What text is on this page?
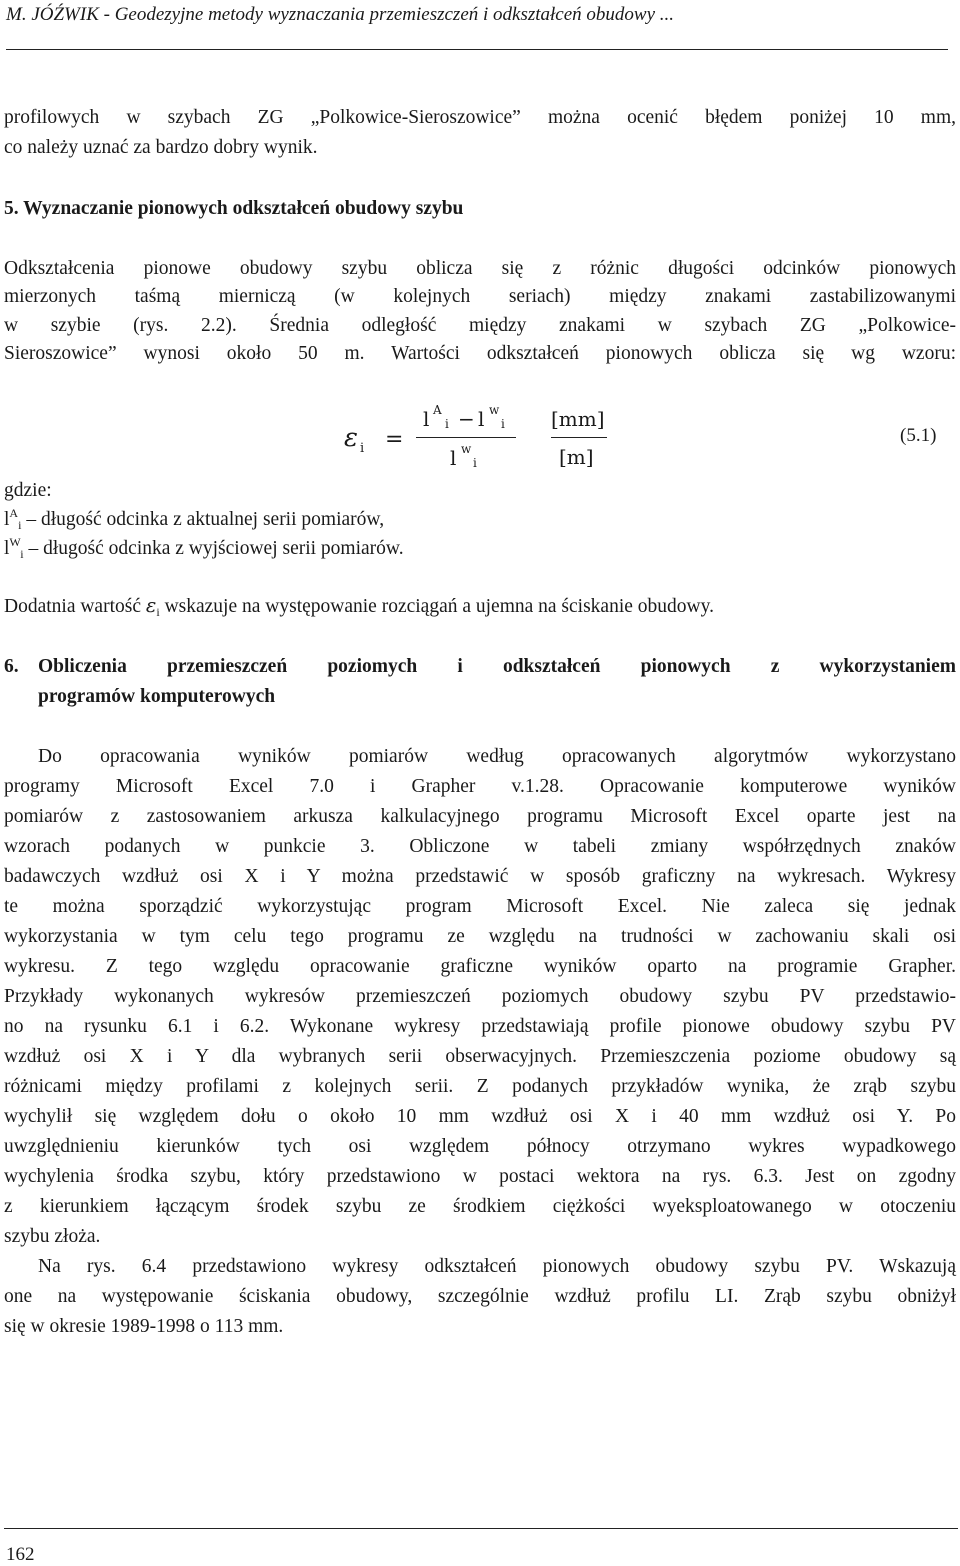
M. JÓŹWIK - Geodezyjne metody wyznaczania przemieszczeń i odkształceń obudowy ...
profilowych w szybach ZG „Polkowice-Sieroszowice” można ocenić błędem poniżej 10 mm,
co należy uznać za bardzo dobry wynik.
5. Wyznaczanie pionowych odkształceń obudowy szybu
Odkształcenia pionowe obudowy szybu oblicza się z różnic długości odcinków pionowych
mierzonych taśmą mierniczą (w kolejnych seriach) między znakami zastabilizowanymi
w szybie (rys. 2.2). Średnia odległość między znakami w szybach ZG „Polkowice-
Sieroszowice” wynosi około 50 m. Wartości odkształceń pionowych oblicza się wg wzoru:
ε i =
l A
i − l w
i
l w
i
[mm]
[m]
(5.1)
gdzie:
$l^A_i$ – długość odcinka z aktualnej serii pomiarów,
$l^W_i$ – długość odcinka z wyjściowej serii pomiarów.
Dodatnia wartość $\varepsilon_i$ wskazuje na występowanie rozciągań a ujemna na ściskanie obudowy.
6. Obliczenia przemieszczeń poziomych i odkształceń pionowych z wykorzystaniem
programów komputerowych
Do opracowania wyników pomiarów według opracowanych algorytmów wykorzystano
programy Microsoft Excel 7.0 i Grapher v.1.28. Opracowanie komputerowe wyników
pomiarów z zastosowaniem arkusza kalkulacyjnego programu Microsoft Excel oparte jest na
wzorach podanych w punkcie 3. Obliczone w tabeli zmiany współrzędnych znaków
badawczych wzdłuż osi X i Y można przedstawić w sposób graficzny na wykresach. Wykresy
te można sporządzić wykorzystując program Microsoft Excel. Nie zaleca się jednak
wykorzystania w tym celu tego programu ze względu na trudności w zachowaniu skali osi
wykresu. Z tego względu opracowanie graficzne wyników oparto na programie Grapher.
Przykłady wykonanych wykresów przemieszczeń poziomych obudowy szybu PV przedstawio-
no na rysunku 6.1 i 6.2. Wykonane wykresy przedstawiają profile pionowe obudowy szybu PV
wzdłuż osi X i Y dla wybranych serii obserwacyjnych. Przemieszczenia poziome obudowy są
różnicami między profilami z kolejnych serii. Z podanych przykładów wynika, że zrąb szybu
wychylił się względem dołu o około 10 mm wzdłuż osi X i 40 mm wzdłuż osi Y. Po
uwzględnieniu kierunków tych osi względem północy otrzymano wykres wypadkowego
wychylenia środka szybu, który przedstawiono w postaci wektora na rys. 6.3. Jest on zgodny
z kierunkiem łączącym środek szybu ze środkiem ciężkości wyeksploatowanego w otoczeniu
szybu złoża.
Na rys. 6.4 przedstawiono wykresy odkształceń pionowych obudowy szybu PV. Wskazują
one na występowanie ściskania obudowy, szczególnie wzdłuż profilu LI. Zrąb szybu obniżył
się w okresie 1989-1998 o 113 mm.
162
